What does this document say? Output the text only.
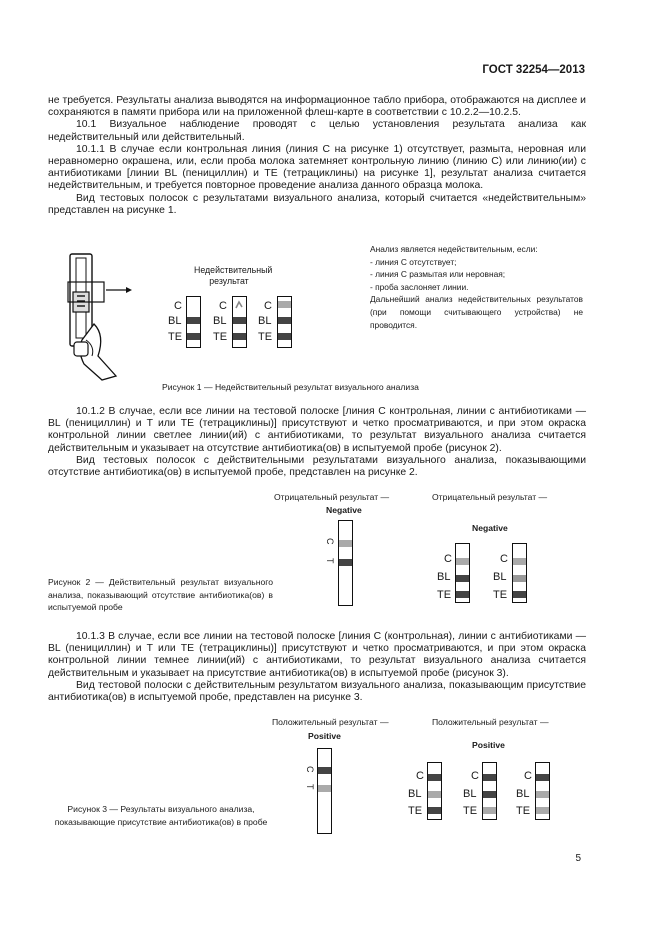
ГОСТ 32254—2013

не требуется. Результаты анализа выводятся на информационное табло прибора, отображаются на дисплее и сохраняются в памяти прибора или на приложенной флеш-карте в соответствии с 10.2.2—10.2.5.

10.1 Визуальное наблюдение проводят с целью установления результата анализа как недействительный или действительный.

10.1.1 В случае если контрольная линия (линия С на рисунке 1) отсутствует, размыта, неровная или неравномерно окрашена, или, если проба молока затемняет контрольную линию (линию С) или линию(ии) с антибиотиками [линии BL (пенициллин) и ТЕ (тетрациклины) на рисунке 1], результат анализа считается недействительным, и требуется повторное проведение анализа данного образца молока.

Вид тестовых полосок с результатами визуального анализа, который считается «недействительным» представлен на рисунке 1.

Недействительный
результат
C
BL
TE
C
BL
TE
C
BL
TE
Анализ является недействительным, если:
- линия С отсутствует;
- линия С размытая или неровная;
- проба заслоняет линии.
Дальнейший анализ недействительных результатов (при помощи считывающего устройства) не проводится.
Рисунок 1 — Недействительный результат визуального анализа

10.1.2 В случае, если все линии на тестовой полоске [линия С контрольная, линии с антибиотиками — BL (пенициллин) и Т или TE (тетрациклины)] присутствуют и четко просматриваются, и при этом окраска контрольной линии светлее линии(ий) с антибиотиками, то результат визуального анализа считается действительным и указывает на отсутствие антибиотика(ов) в испытуемой пробе (рисунок 2).

Вид тестовых полосок с действительными результатами визуального анализа, показывающими отсутствие антибиотика(ов) в испытуемой пробе, представлен на рисунке 2.

Отрицательный результат —
Negative
C
T
Отрицательный результат —
Negative
C
BL
TE
C
BL
TE
Рисунок 2 — Действительный результат визуального анализа, показывающий отсутствие антибиотика(ов) в испытуемой пробе

10.1.3 В случае, если все линии на тестовой полоске [линия С (контрольная), линии с антибиотиками — BL (пенициллин) и Т или TE (тетрациклины)] присутствуют и четко просматриваются, и при этом окраска контрольной линии темнее линии(ий) с антибиотиками, то результат визуального анализа считается действительным и указывает на присутствие антибиотика(ов) в испытуемой пробе (рисунок 3).

Вид тестовой полоски с действительным результатом визуального анализа, показывающим присутствие антибиотика(ов) в испытуемой пробе, представлен на рисунке 3.

Положительный результат —
Positive
C
T
Положительный результат —
Positive
C
BL
TE
C
BL
TE
C
BL
TE
Рисунок 3 — Результаты визуального анализа, показывающие присутствие антибиотика(ов) в пробе
5
